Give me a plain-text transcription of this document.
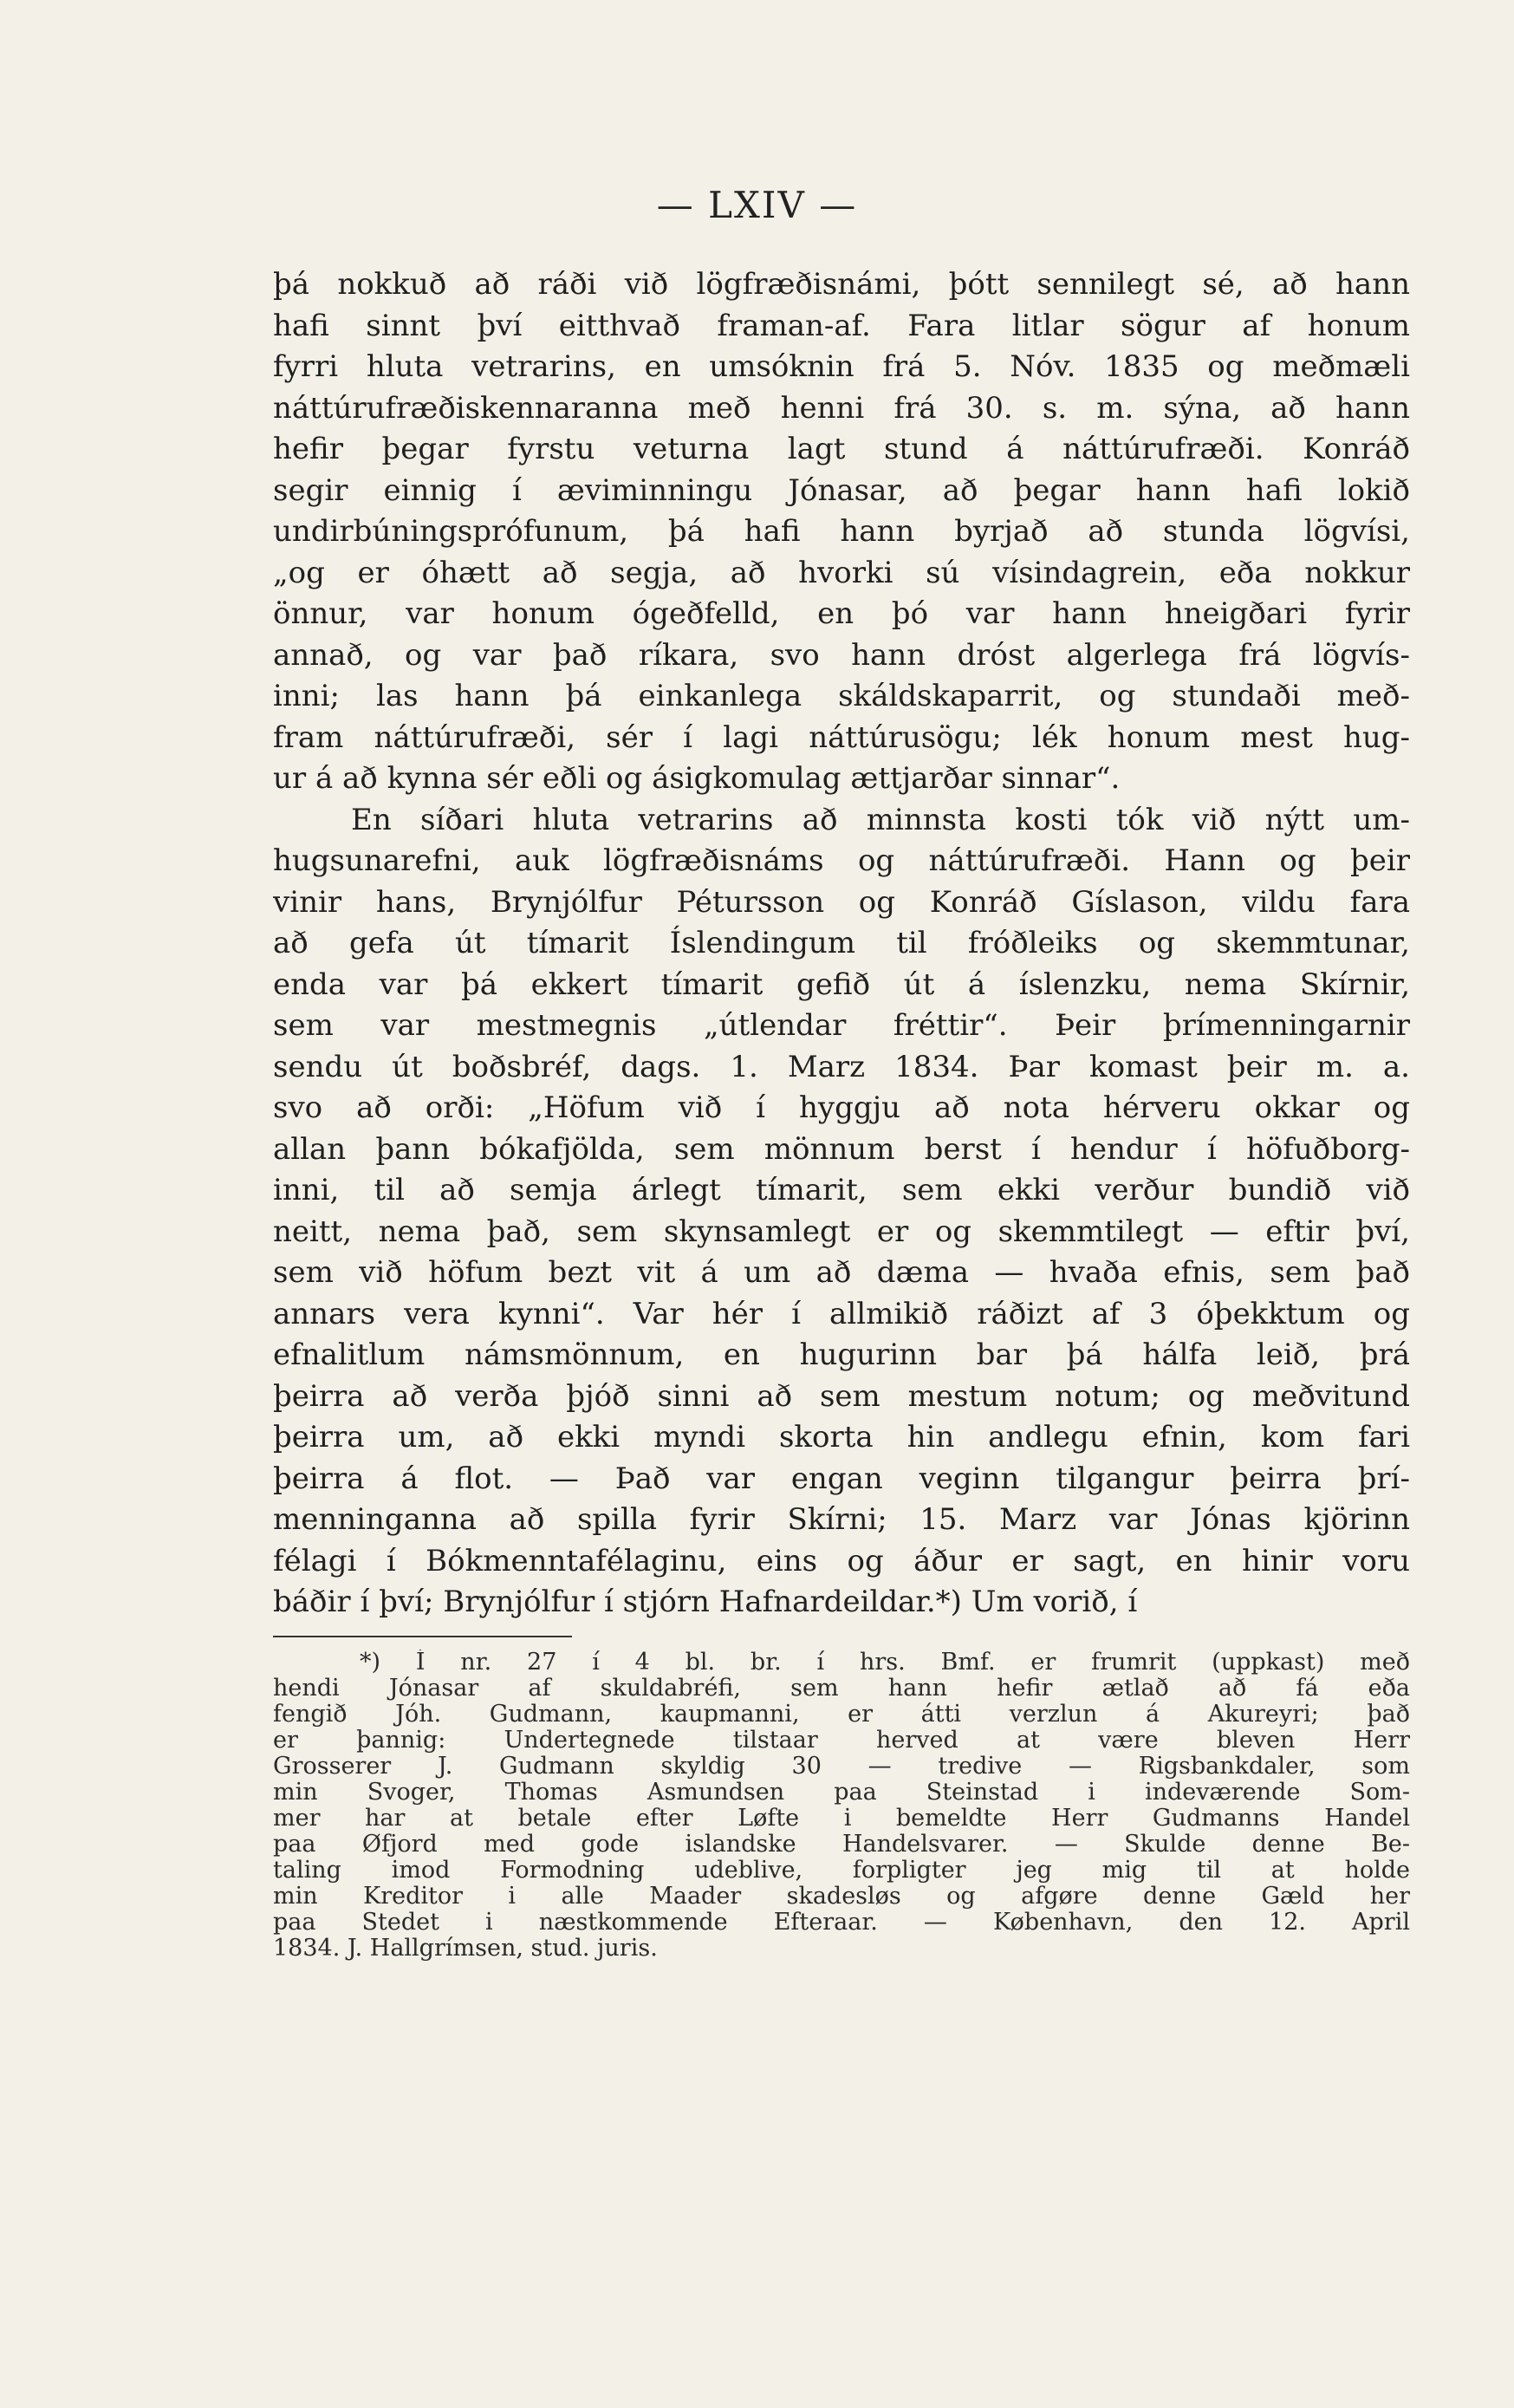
— LXIV —
þá nokkuð að ráði við lögfræðisnámi, þótt sennilegt sé, að hann
hafi sinnt því eitthvað framan-af. Fara litlar sögur af honum
fyrri hluta vetrarins, en umsóknin frá 5. Nóv. 1835 og meðmæli
náttúrufræðiskennaranna með henni frá 30. s. m. sýna, að hann
hefir þegar fyrstu veturna lagt stund á náttúrufræði. Konráð
segir einnig í æviminningu Jónasar, að þegar hann hafi lokið
undirbúningsprófunum, þá hafi hann byrjað að stunda lögvísi,
„og er óhætt að segja, að hvorki sú vísindagrein, eða nokkur
önnur, var honum ógeðfelld, en þó var hann hneigðari fyrir
annað, og var það ríkara, svo hann dróst algerlega frá lögvís-
inni; las hann þá einkanlega skáldskaparrit, og stundaði með-
fram náttúrufræði, sér í lagi náttúrusögu; lék honum mest hug-
ur á að kynna sér eðli og ásigkomulag ættjarðar sinnar“.
En síðari hluta vetrarins að minnsta kosti tók við nýtt um-
hugsunarefni, auk lögfræðisnáms og náttúrufræði. Hann og þeir
vinir hans, Brynjólfur Pétursson og Konráð Gíslason, vildu fara
að gefa út tímarit Íslendingum til fróðleiks og skemmtunar,
enda var þá ekkert tímarit gefið út á íslenzku, nema Skírnir,
sem var mestmegnis „útlendar fréttir“. Þeir þrímenningarnir
sendu út boðsbréf, dags. 1. Marz 1834. Þar komast þeir m. a.
svo að orði: „Höfum við í hyggju að nota hérveru okkar og
allan þann bókafjölda, sem mönnum berst í hendur í höfuðborg-
inni, til að semja árlegt tímarit, sem ekki verður bundið við
neitt, nema það, sem skynsamlegt er og skemmtilegt — eftir því,
sem við höfum bezt vit á um að dæma — hvaða efnis, sem það
annars vera kynni“. Var hér í allmikið ráðizt af 3 óþekktum og
efnalitlum námsmönnum, en hugurinn bar þá hálfa leið, þrá
þeirra að verða þjóð sinni að sem mestum notum; og meðvitund
þeirra um, að ekki myndi skorta hin andlegu efnin, kom fari
þeirra á flot. — Það var engan veginn tilgangur þeirra þrí-
menninganna að spilla fyrir Skírni; 15. Marz var Jónas kjörinn
félagi í Bókmenntafélaginu, eins og áður er sagt, en hinir voru
báðir í því; Brynjólfur í stjórn Hafnardeildar.*) Um vorið, í
*) Í nr. 27 í 4 bl. br. í hrs. Bmf. er frumrit (uppkast) með
hendi Jónasar af skuldabréfi, sem hann hefir ætlað að fá eða
fengið Jóh. Gudmann, kaupmanni, er átti verzlun á Akureyri; það
er þannig: Undertegnede tilstaar herved at være bleven Herr
Grosserer J. Gudmann skyldig 30 — tredive — Rigsbankdaler, som
min Svoger, Thomas Asmundsen paa Steinstad i indeværende Som-
mer har at betale efter Løfte i bemeldte Herr Gudmanns Handel
paa Øfjord med gode islandske Handelsvarer. — Skulde denne Be-
taling imod Formodning udeblive, forpligter jeg mig til at holde
min Kreditor i alle Maader skadesløs og afgøre denne Gæld her
paa Stedet i næstkommende Efteraar. — København, den 12. April
1834. J. Hallgrímsen, stud. juris.
